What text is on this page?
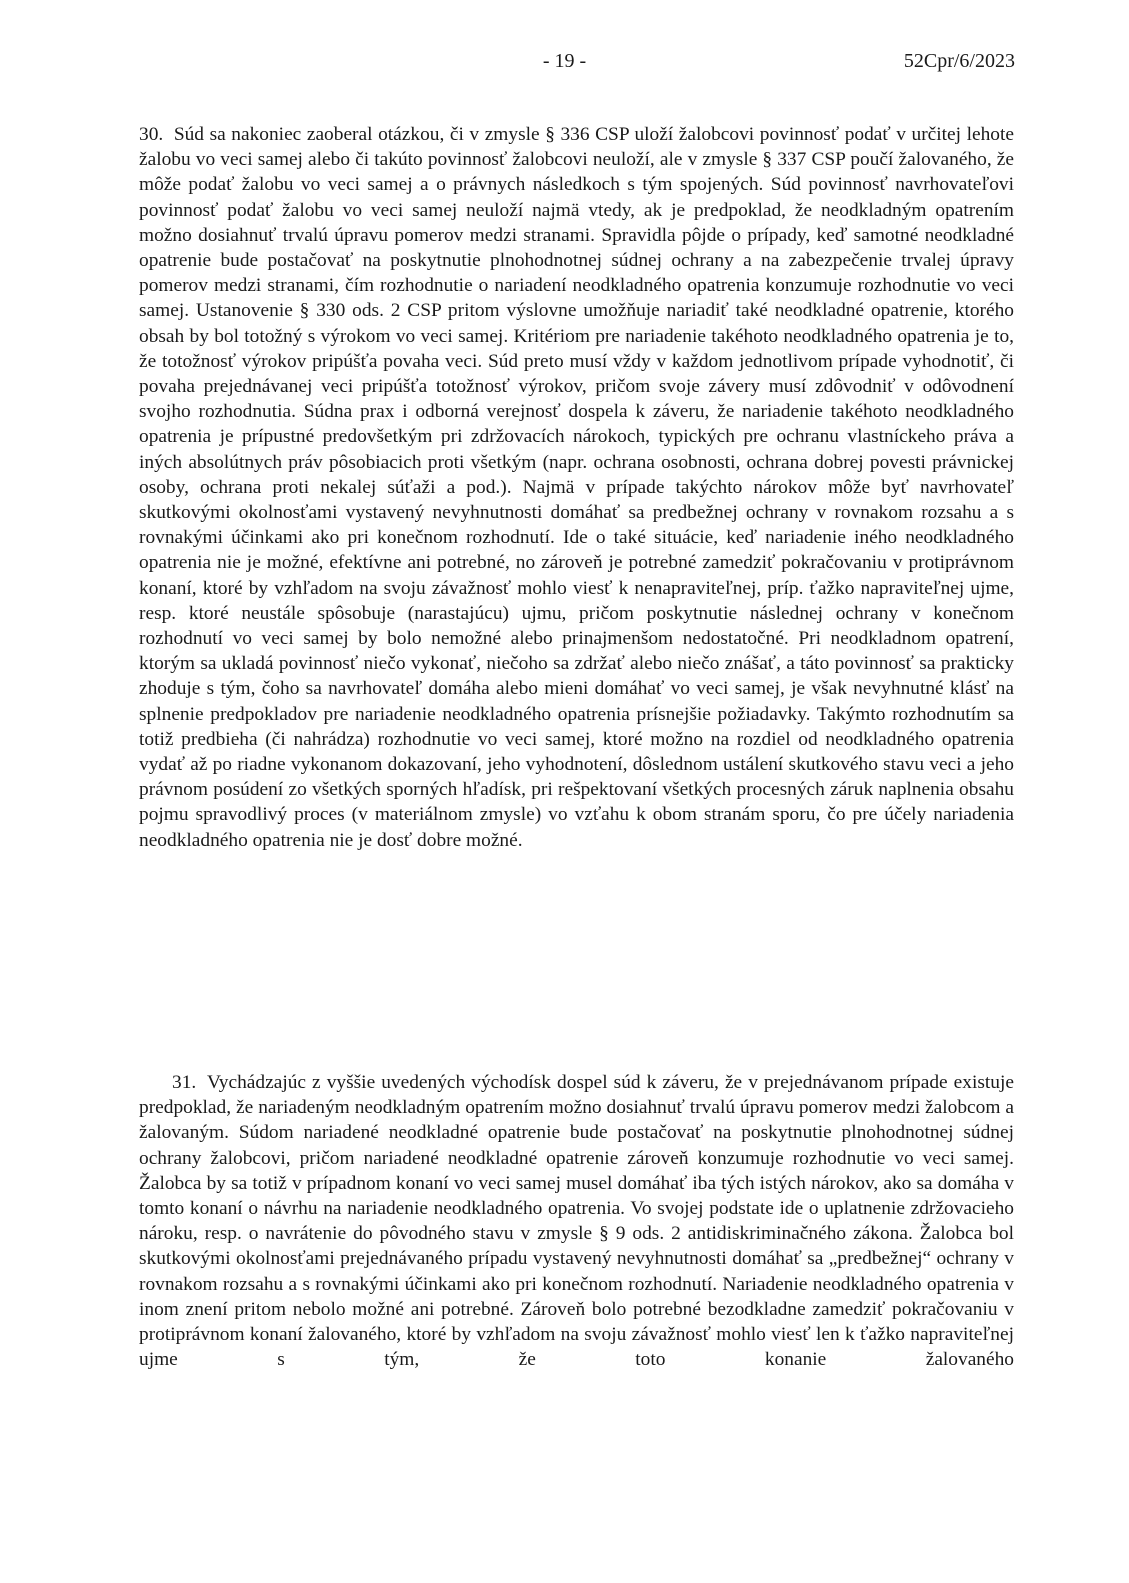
- 19 -	52Cpr/6/2023
30. Súd sa nakoniec zaoberal otázkou, či v zmysle § 336 CSP uloží žalobcovi povinnosť podať v určitej lehote žalobu vo veci samej alebo či takúto povinnosť žalobcovi neuloží, ale v zmysle § 337 CSP poučí žalovaného, že môže podať žalobu vo veci samej a o právnych následkoch s tým spojených. Súd povinnosť navrhovateľovi povinnosť podať žalobu vo veci samej neuloží najmä vtedy, ak je predpoklad, že neodkladným opatrením možno dosiahnuť trvalú úpravu pomerov medzi stranami. Spravidla pôjde o prípady, keď samotné neodkladné opatrenie bude postačovať na poskytnutie plnohodnotnej súdnej ochrany a na zabezpečenie trvalej úpravy pomerov medzi stranami, čím rozhodnutie o nariadení neodkladného opatrenia konzumuje rozhodnutie vo veci samej. Ustanovenie § 330 ods. 2 CSP pritom výslovne umožňuje nariadiť také neodkladné opatrenie, ktorého obsah by bol totožný s výrokom vo veci samej. Kritériom pre nariadenie takéhoto neodkladného opatrenia je to, že totožnosť výrokov pripúšťa povaha veci. Súd preto musí vždy v každom jednotlivom prípade vyhodnotiť, či povaha prejednávanej veci pripúšťa totožnosť výrokov, pričom svoje závery musí zdôvodniť v odôvodnení svojho rozhodnutia. Súdna prax i odborná verejnosť dospela k záveru, že nariadenie takéhoto neodkladného opatrenia je prípustné predovšetkým pri zdržovacích nárokoch, typických pre ochranu vlastníckeho práva a iných absolútnych práv pôsobiacich proti všetkým (napr. ochrana osobnosti, ochrana dobrej povesti právnickej osoby, ochrana proti nekalej súťaži a pod.). Najmä v prípade takýchto nárokov môže byť navrhovateľ skutkovými okolnosťami vystavený nevyhnutnosti domáhať sa predbežnej ochrany v rovnakom rozsahu a s rovnakými účinkami ako pri konečnom rozhodnutí. Ide o také situácie, keď nariadenie iného neodkladného opatrenia nie je možné, efektívne ani potrebné, no zároveň je potrebné zamedziť pokračovaniu v protiprávnom konaní, ktoré by vzhľadom na svoju závažnosť mohlo viesť k nenapraviteľnej, príp. ťažko napraviteľnej ujme, resp. ktoré neustále spôsobuje (narastajúcu) ujmu, pričom poskytnutie následnej ochrany v konečnom rozhodnutí vo veci samej by bolo nemožné alebo prinajmenšom nedostatočné. Pri neodkladnom opatrení, ktorým sa ukladá povinnosť niečo vykonať, niečoho sa zdržať alebo niečo znášať, a táto povinnosť sa prakticky zhoduje s tým, čoho sa navrhovateľ domáha alebo mieni domáhať vo veci samej, je však nevyhnutné klásť na splnenie predpokladov pre nariadenie neodkladného opatrenia prísnejšie požiadavky. Takýmto rozhodnutím sa totiž predbieha (či nahrádza) rozhodnutie vo veci samej, ktoré možno na rozdiel od neodkladného opatrenia vydať až po riadne vykonanom dokazovaní, jeho vyhodnotení, dôslednom ustálení skutkového stavu veci a jeho právnom posúdení zo všetkých sporných hľadísk, pri rešpektovaní všetkých procesných záruk naplnenia obsahu pojmu spravodlivý proces (v materiálnom zmysle) vo vzťahu k obom stranám sporu, čo pre účely nariadenia neodkladného opatrenia nie je dosť dobre možné.
31. Vychádzajúc z vyššie uvedených východísk dospel súd k záveru, že v prejednávanom prípade existuje predpoklad, že nariadeným neodkladným opatrením možno dosiahnuť trvalú úpravu pomerov medzi žalobcom a žalovaným. Súdom nariadené neodkladné opatrenie bude postačovať na poskytnutie plnohodnotnej súdnej ochrany žalobcovi, pričom nariadené neodkladné opatrenie zároveň konzumuje rozhodnutie vo veci samej. Žalobca by sa totiž v prípadnom konaní vo veci samej musel domáhať iba tých istých nárokov, ako sa domáha v tomto konaní o návrhu na nariadenie neodkladného opatrenia. Vo svojej podstate ide o uplatnenie zdržovacieho nároku, resp. o navrátenie do pôvodného stavu v zmysle § 9 ods. 2 antidiskriminačného zákona. Žalobca bol skutkovými okolnosťami prejednávaného prípadu vystavený nevyhnutnosti domáhať sa „predbežnej“ ochrany v rovnakom rozsahu a s rovnakými účinkami ako pri konečnom rozhodnutí. Nariadenie neodkladného opatrenia v inom znení pritom nebolo možné ani potrebné. Zároveň bolo potrebné bezodkladne zamedziť pokračovaniu v protiprávnom konaní žalovaného, ktoré by vzhľadom na svoju závažnosť mohlo viesť len k ťažko napraviteľnej ujme s tým, že toto konanie žalovaného
